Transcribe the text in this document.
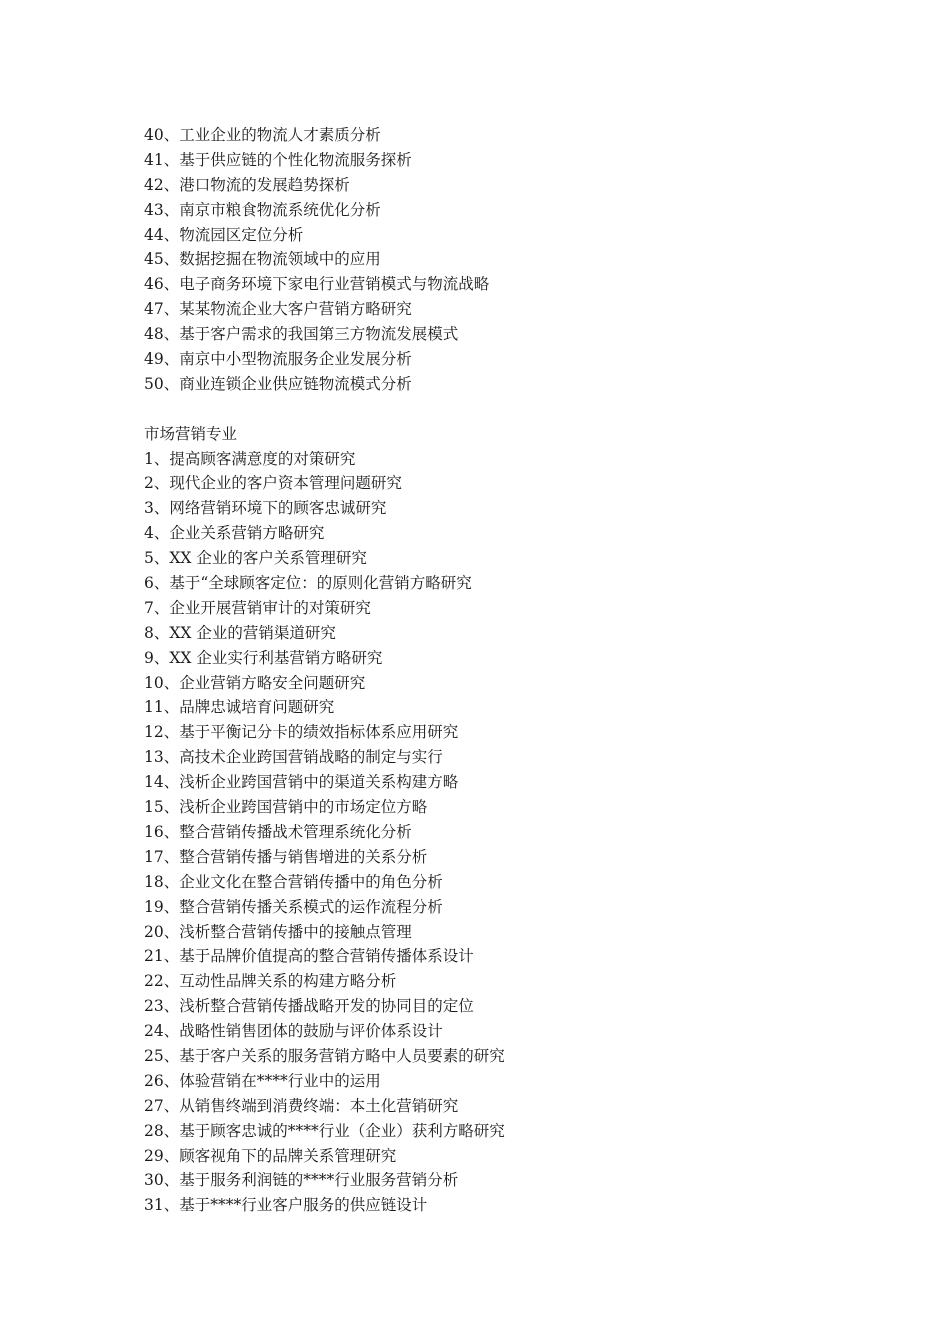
40、工业企业的物流人才素质分析
41、基于供应链的个性化物流服务探析
42、港口物流的发展趋势探析
43、南京市粮食物流系统优化分析
44、物流园区定位分析
45、数据挖掘在物流领域中的应用
46、电子商务环境下家电行业营销模式与物流战略
47、某某物流企业大客户营销方略研究
48、基于客户需求的我国第三方物流发展模式
49、南京中小型物流服务企业发展分析
50、商业连锁企业供应链物流模式分析
市场营销专业
1、提高顾客满意度的对策研究
2、现代企业的客户资本管理问题研究
3、网络营销环境下的顾客忠诚研究
4、企业关系营销方略研究
5、XX 企业的客户关系管理研究
6、基于“全球顾客定位：的原则化营销方略研究
7、企业开展营销审计的对策研究
8、XX 企业的营销渠道研究
9、XX 企业实行利基营销方略研究
10、企业营销方略安全问题研究
11、品牌忠诚培育问题研究
12、基于平衡记分卡的绩效指标体系应用研究
13、高技术企业跨国营销战略的制定与实行
14、浅析企业跨国营销中的渠道关系构建方略
15、浅析企业跨国营销中的市场定位方略
16、整合营销传播战术管理系统化分析
17、整合营销传播与销售增进的关系分析
18、企业文化在整合营销传播中的角色分析
19、整合营销传播关系模式的运作流程分析
20、浅析整合营销传播中的接触点管理
21、基于品牌价值提高的整合营销传播体系设计
22、互动性品牌关系的构建方略分析
23、浅析整合营销传播战略开发的协同目的定位
24、战略性销售团体的鼓励与评价体系设计
25、基于客户关系的服务营销方略中人员要素的研究
26、体验营销在****行业中的运用
27、从销售终端到消费终端：本土化营销研究
28、基于顾客忠诚的****行业（企业）获利方略研究
29、顾客视角下的品牌关系管理研究
30、基于服务利润链的****行业服务营销分析
31、基于****行业客户服务的供应链设计
